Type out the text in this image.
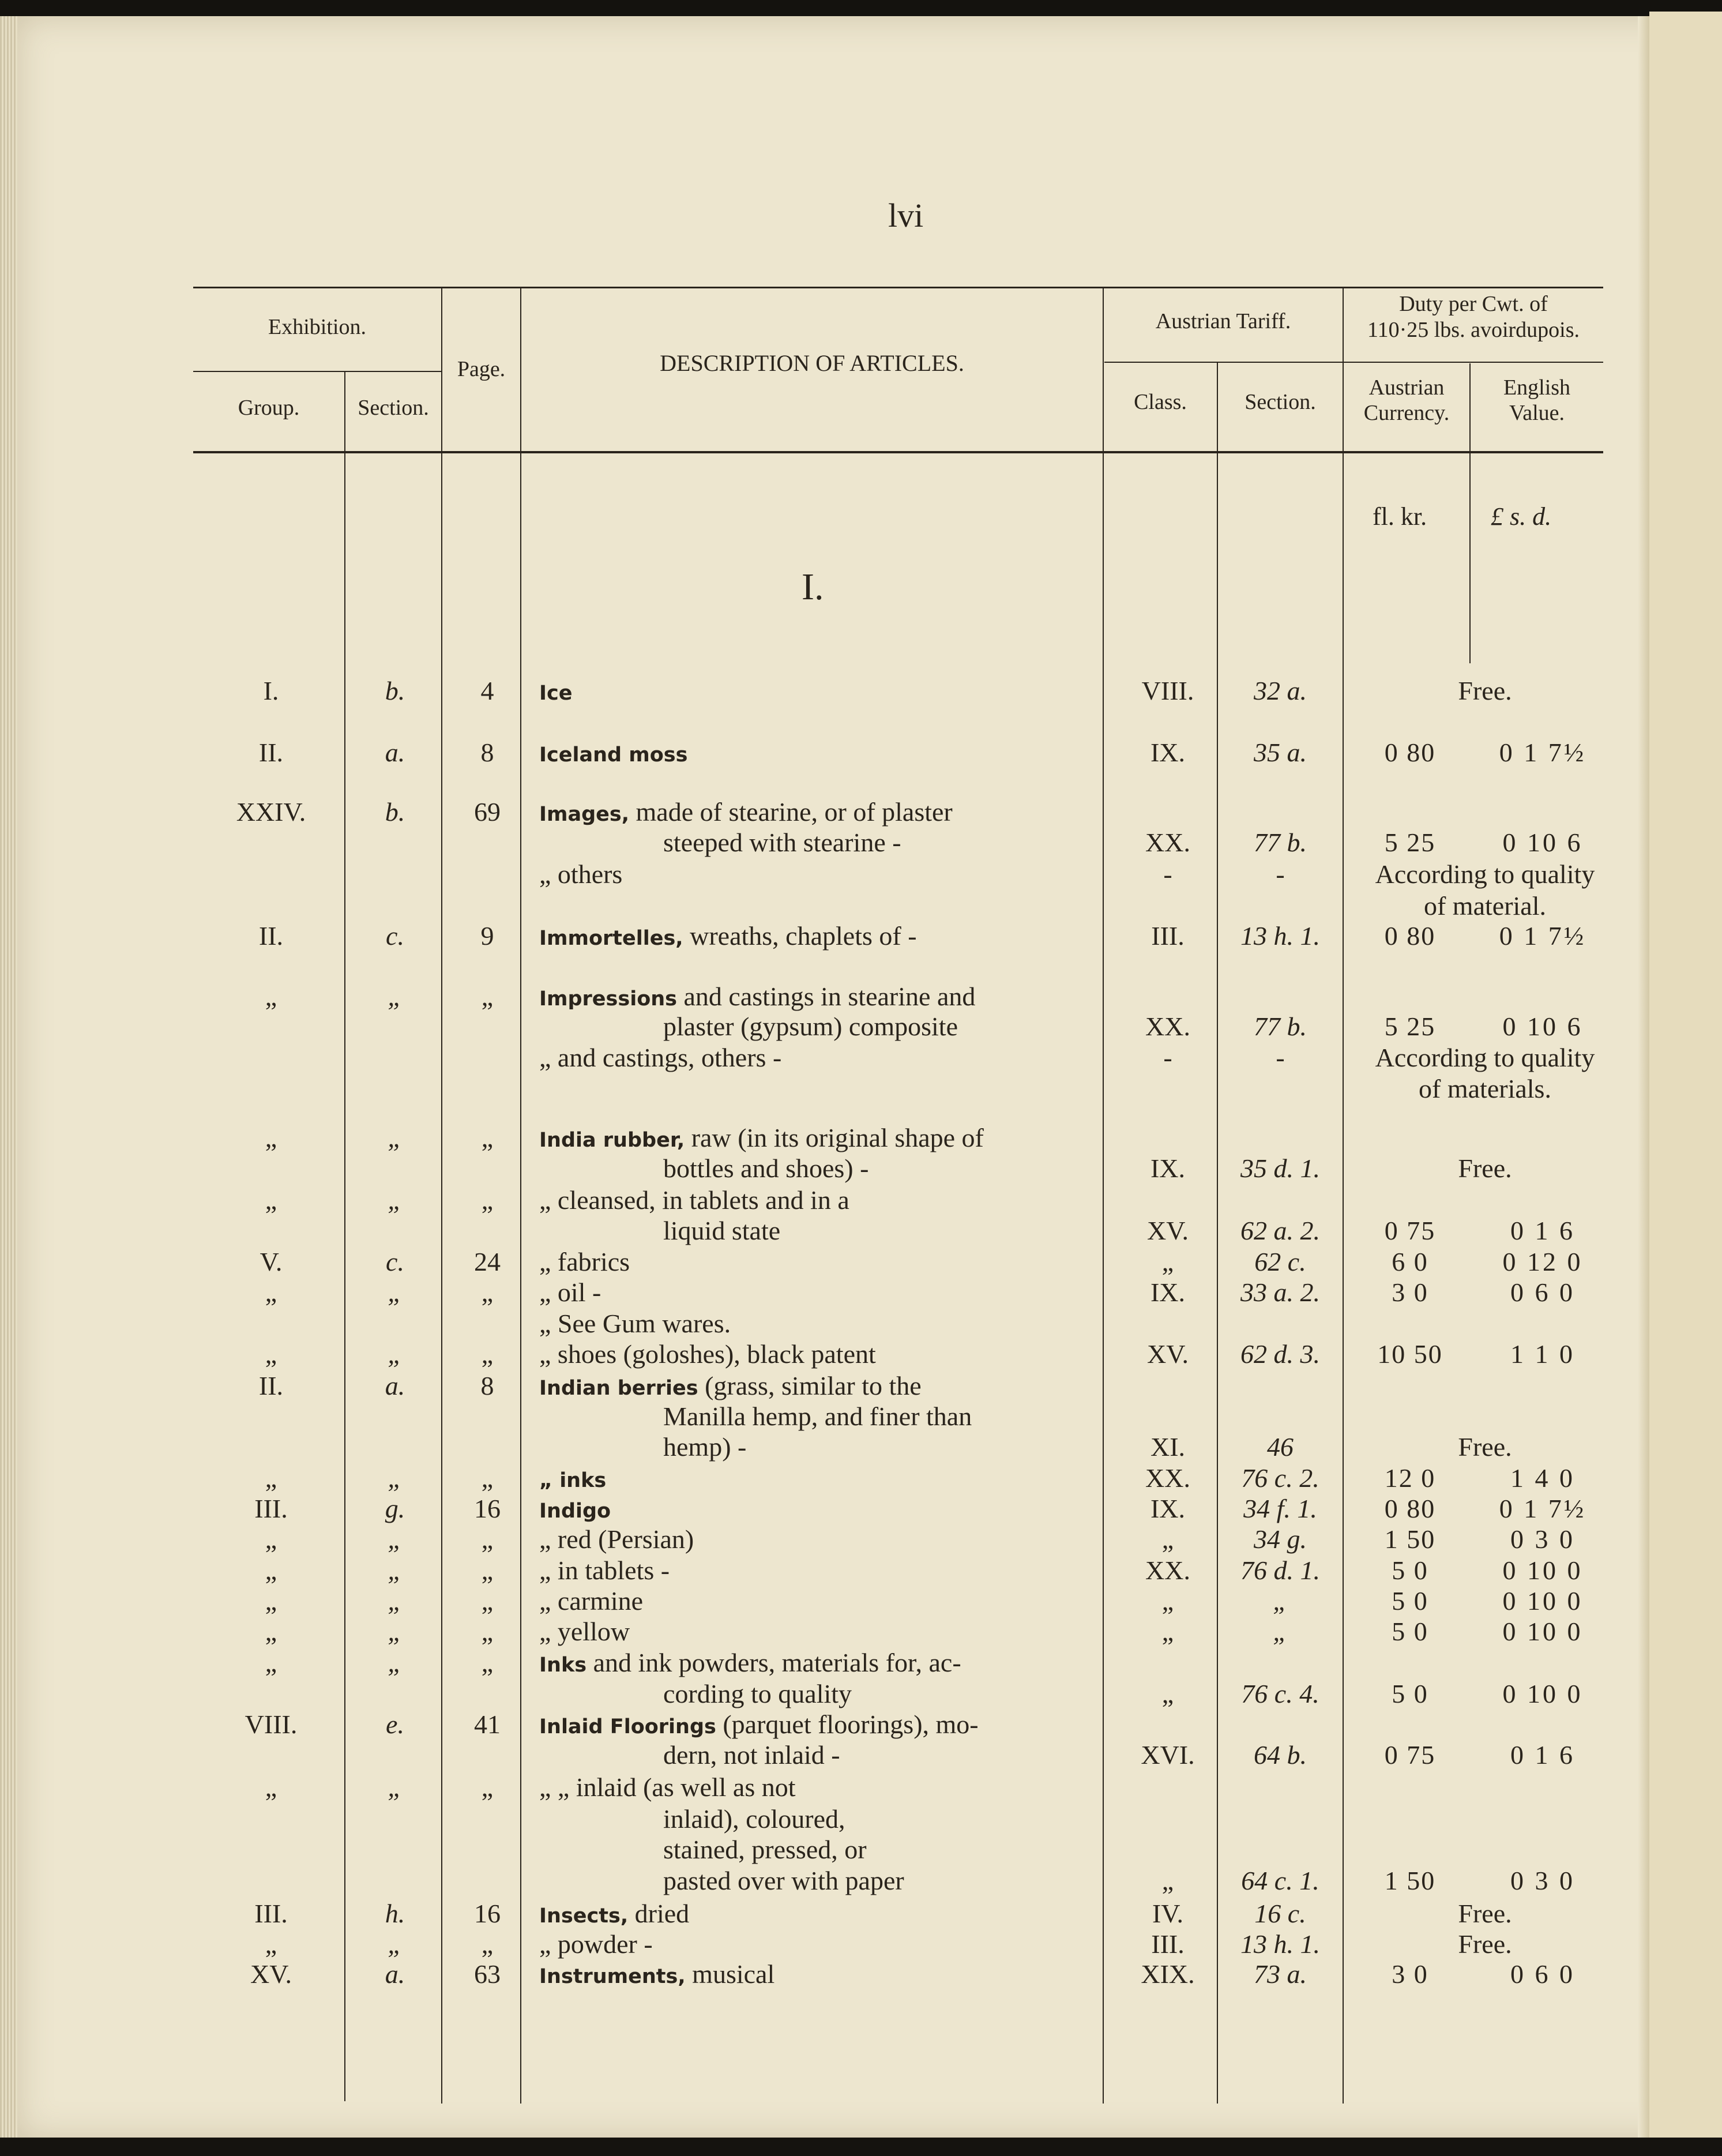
lvi
Exhibition.
Group.	Section.
Page.	DESCRIPTION OF ARTICLES.
Austrian Tariff.
Class.	Section.
Duty per Cwt. of
110·25 lbs. avoirdupois.
Austrian
Currency.
English
Value.
fl. kr.	£ s. d.
I.
I.	b.	4	Ice	VIII.	32 a.	Free.
II.	a.	8	Iceland moss	IX.	35 a.	0 80	0 1 7½
XXIV.	b.	69	Images, made of stearine, or of plaster
steeped with stearine -	XX.	77 b.	5 25	0 10 6
„ others	-	-	According to quality
of material.
II.	c.	9	Immortelles, wreaths, chaplets of -	III.	13 h. 1.	0 80	0 1 7½
„	„	„	Impressions and castings in stearine and
plaster (gypsum) composite	XX.	77 b.	5 25	0 10 6
„ and castings, others -	-	-	According to quality
of materials.
„	„	„	India rubber, raw (in its original shape of
bottles and shoes) -	IX.	35 d. 1.	Free.
„	„	„	„ cleansed, in tablets and in a
liquid state	XV.	62 a. 2.	0 75	0 1 6
V.	c.	24	„ fabrics	„	62 c.	6 0	0 12 0
„	„	„	„ oil -	IX.	33 a. 2.	3 0	0 6 0
„ See Gum wares.
„	„	„	„ shoes (goloshes), black patent	XV.	62 d. 3.	10 50	1 1 0
II.	a.	8	Indian berries (grass, similar to the
Manilla hemp, and finer than
hemp) -	XI.	46	Free.
„	„	„	„ inks	XX.	76 c. 2.	12 0	1 4 0
III.	g.	16	Indigo	IX.	34 f. 1.	0 80	0 1 7½
„	„	„	„ red (Persian)	„	34 g.	1 50	0 3 0
„	„	„	„ in tablets -	XX.	76 d. 1.	5 0	0 10 0
„	„	„	„ carmine	„	„	5 0	0 10 0
„	„	„	„ yellow	„	„	5 0	0 10 0
„	„	„	Inks and ink powders, materials for, ac-
cording to quality	„	76 c. 4.	5 0	0 10 0
VIII.	e.	41	Inlaid Floorings (parquet floorings), mo-
dern, not inlaid -	XVI.	64 b.	0 75	0 1 6
„	„	„	„ „ inlaid (as well as not
inlaid), coloured,
stained, pressed, or
pasted over with paper	„	64 c. 1.	1 50	0 3 0
III.	h.	16	Insects, dried	IV.	16 c.	Free.
„	„	„	„ powder -	III.	13 h. 1.	Free.
XV.	a.	63	Instruments, musical	XIX.	73 a.	3 0	0 6 0
